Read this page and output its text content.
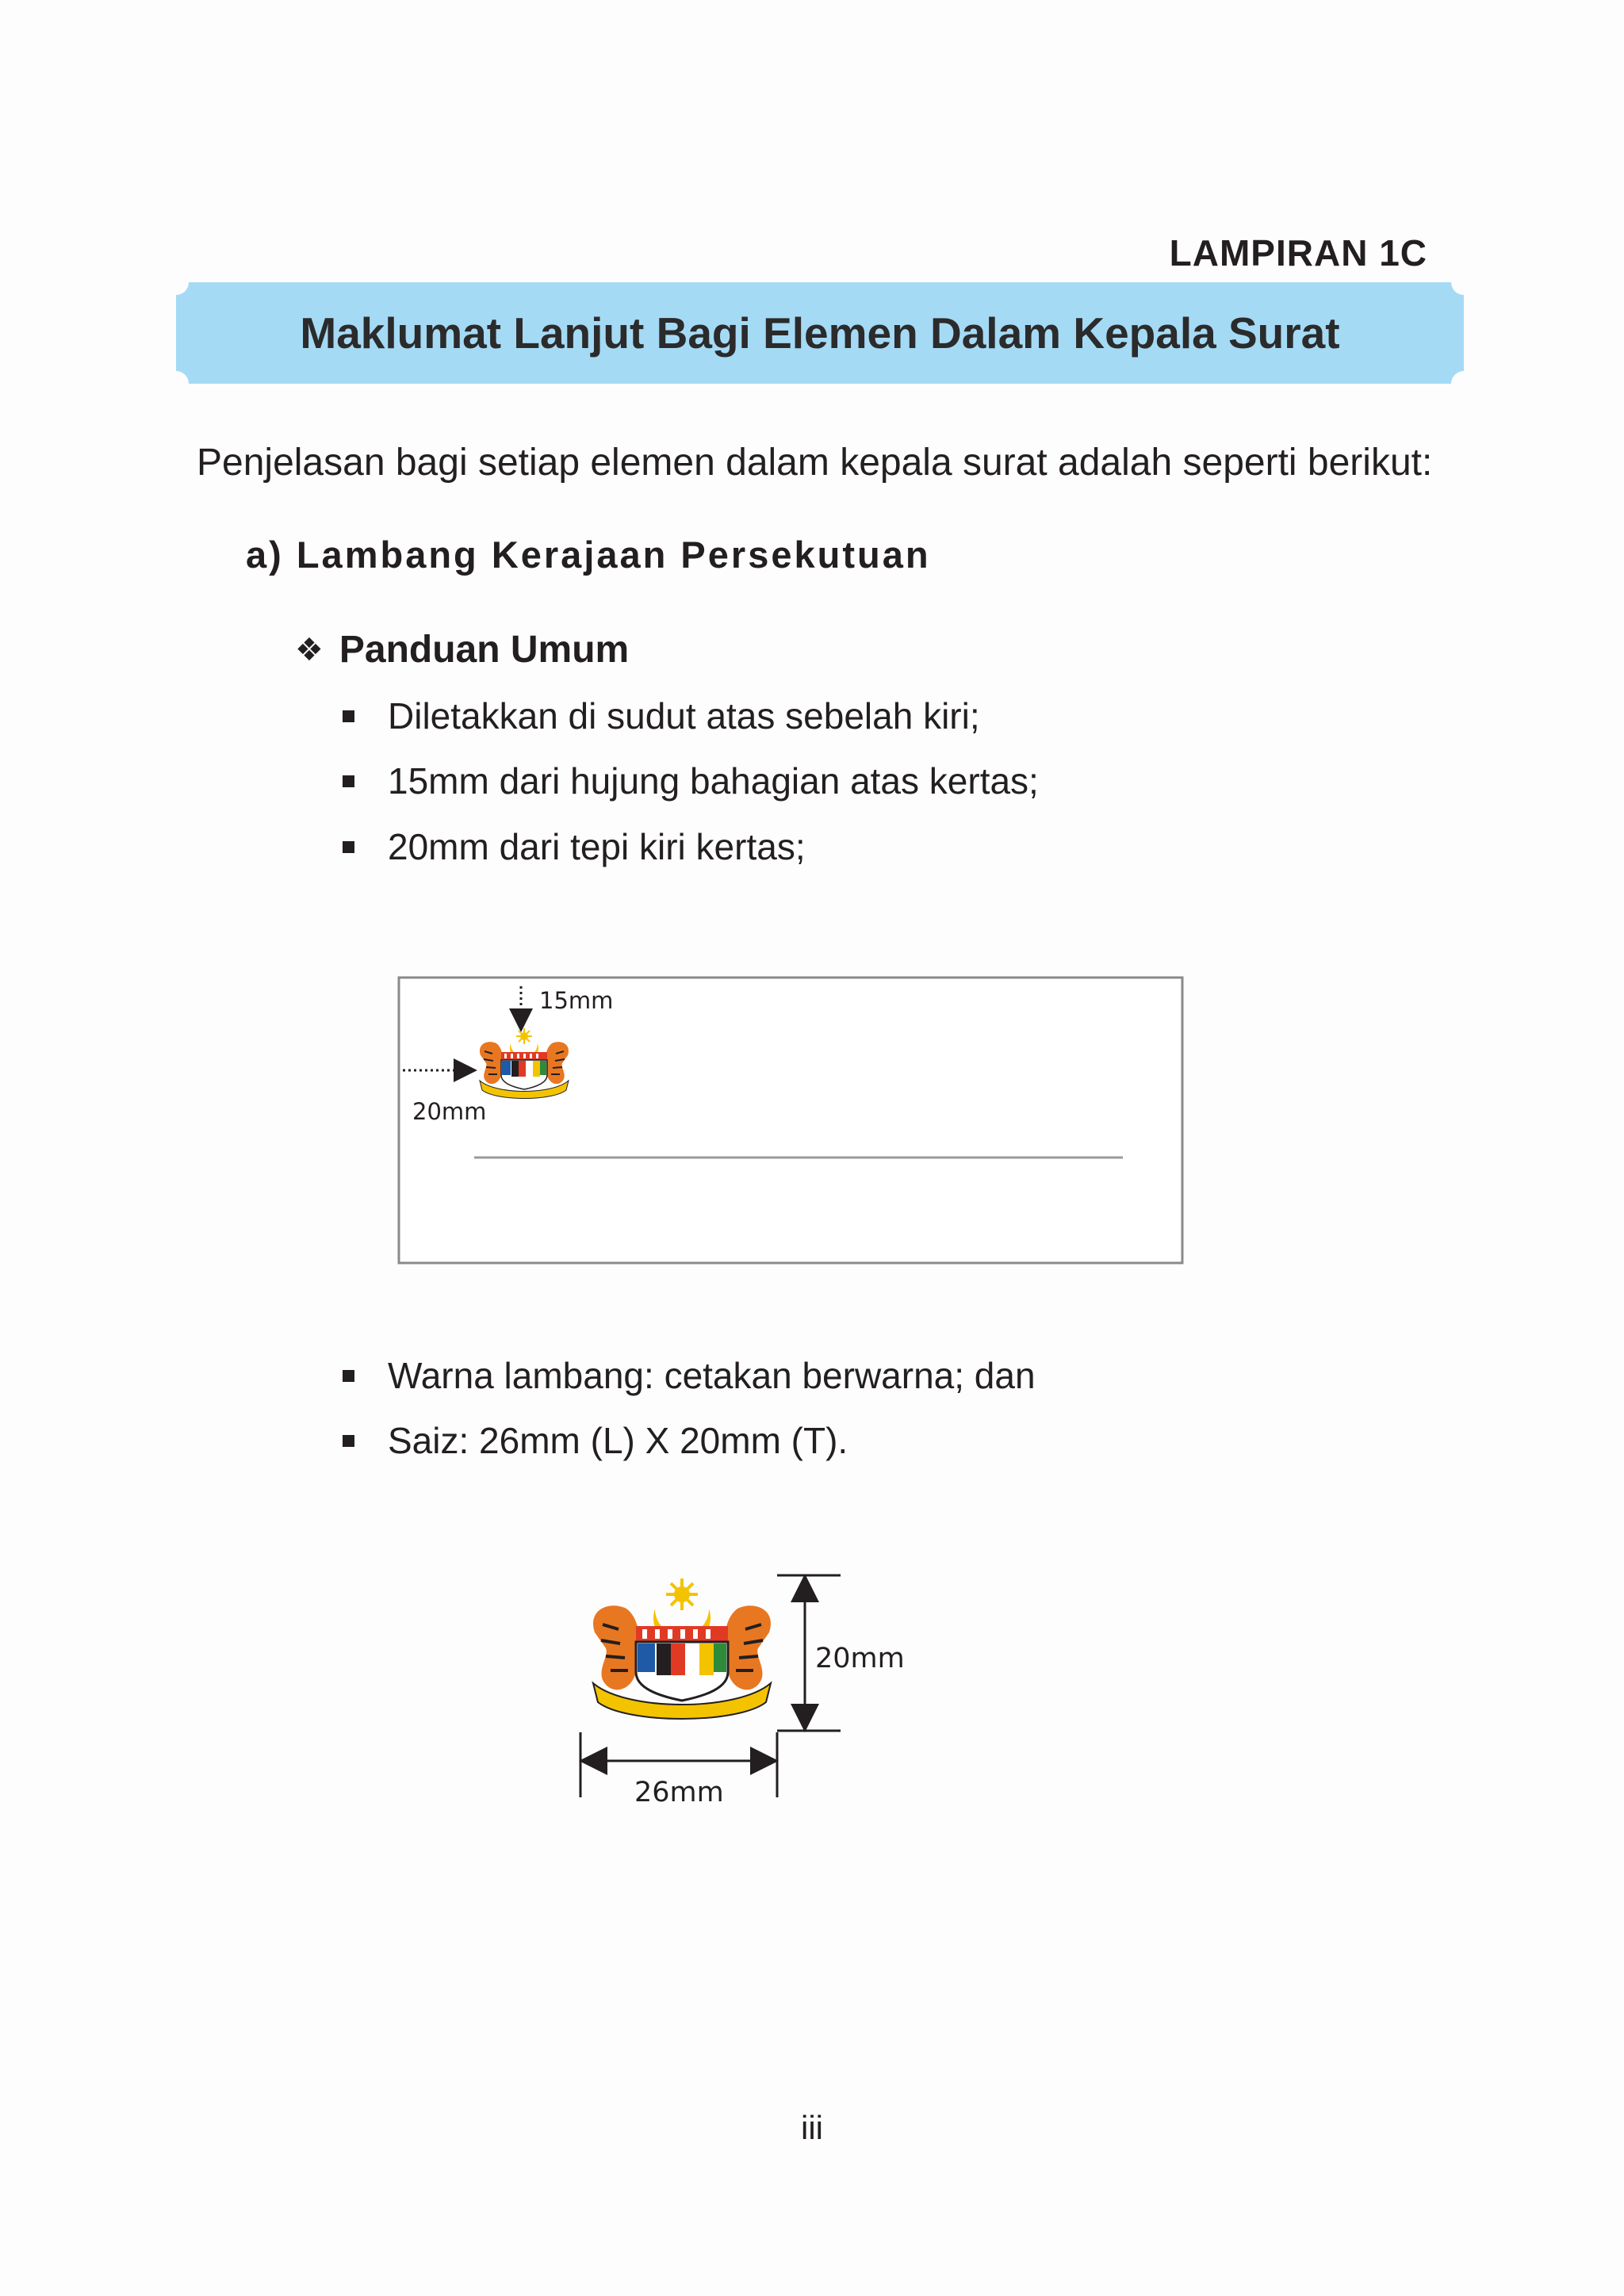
LAMPIRAN 1C
Maklumat Lanjut Bagi Elemen Dalam Kepala Surat
Penjelasan bagi setiap elemen dalam kepala surat adalah seperti berikut:
a) Lambang Kerajaan Persekutuan
❖ Panduan Umum
Diletakkan di sudut atas sebelah kiri;
15mm dari hujung bahagian atas kertas;
20mm dari tepi kiri kertas;
15mm
20mm
Warna lambang: cetakan berwarna; dan
Saiz: 26mm (L) X 20mm (T).
20mm
26mm
iii
